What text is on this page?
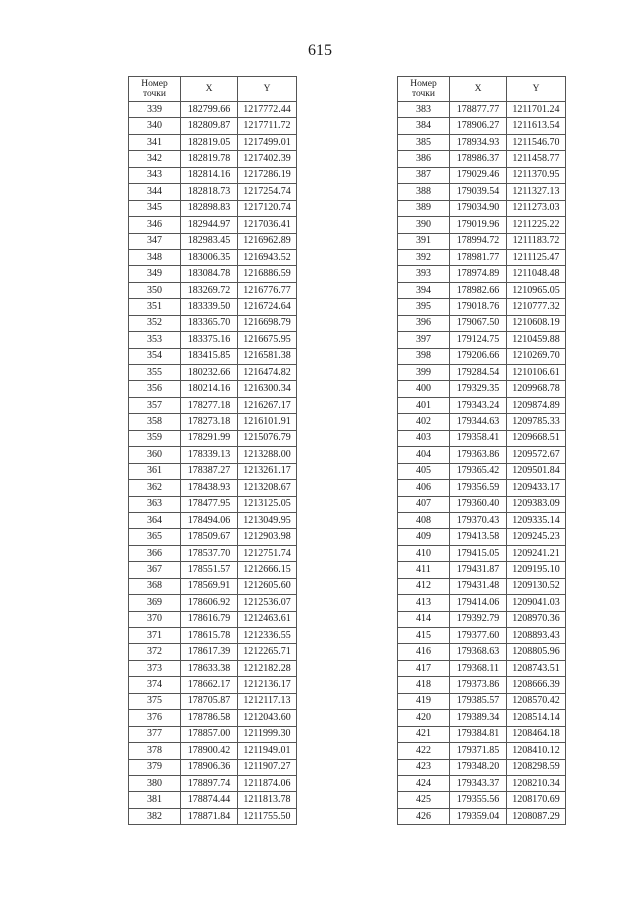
615
Номер
точки	X	Y
339	182799.66	1217772.44
340	182809.87	1217711.72
341	182819.05	1217499.01
342	182819.78	1217402.39
343	182814.16	1217286.19
344	182818.73	1217254.74
345	182898.83	1217120.74
346	182944.97	1217036.41
347	182983.45	1216962.89
348	183006.35	1216943.52
349	183084.78	1216886.59
350	183269.72	1216776.77
351	183339.50	1216724.64
352	183365.70	1216698.79
353	183375.16	1216675.95
354	183415.85	1216581.38
355	180232.66	1216474.82
356	180214.16	1216300.34
357	178277.18	1216267.17
358	178273.18	1216101.91
359	178291.99	1215076.79
360	178339.13	1213288.00
361	178387.27	1213261.17
362	178438.93	1213208.67
363	178477.95	1213125.05
364	178494.06	1213049.95
365	178509.67	1212903.98
366	178537.70	1212751.74
367	178551.57	1212666.15
368	178569.91	1212605.60
369	178606.92	1212536.07
370	178616.79	1212463.61
371	178615.78	1212336.55
372	178617.39	1212265.71
373	178633.38	1212182.28
374	178662.17	1212136.17
375	178705.87	1212117.13
376	178786.58	1212043.60
377	178857.00	1211999.30
378	178900.42	1211949.01
379	178906.36	1211907.27
380	178897.74	1211874.06
381	178874.44	1211813.78
382	178871.84	1211755.50
Номер
точки	X	Y
383	178877.77	1211701.24
384	178906.27	1211613.54
385	178934.93	1211546.70
386	178986.37	1211458.77
387	179029.46	1211370.95
388	179039.54	1211327.13
389	179034.90	1211273.03
390	179019.96	1211225.22
391	178994.72	1211183.72
392	178981.77	1211125.47
393	178974.89	1211048.48
394	178982.66	1210965.05
395	179018.76	1210777.32
396	179067.50	1210608.19
397	179124.75	1210459.88
398	179206.66	1210269.70
399	179284.54	1210106.61
400	179329.35	1209968.78
401	179343.24	1209874.89
402	179344.63	1209785.33
403	179358.41	1209668.51
404	179363.86	1209572.67
405	179365.42	1209501.84
406	179356.59	1209433.17
407	179360.40	1209383.09
408	179370.43	1209335.14
409	179413.58	1209245.23
410	179415.05	1209241.21
411	179431.87	1209195.10
412	179431.48	1209130.52
413	179414.06	1209041.03
414	179392.79	1208970.36
415	179377.60	1208893.43
416	179368.63	1208805.96
417	179368.11	1208743.51
418	179373.86	1208666.39
419	179385.57	1208570.42
420	179389.34	1208514.14
421	179384.81	1208464.18
422	179371.85	1208410.12
423	179348.20	1208298.59
424	179343.37	1208210.34
425	179355.56	1208170.69
426	179359.04	1208087.29
